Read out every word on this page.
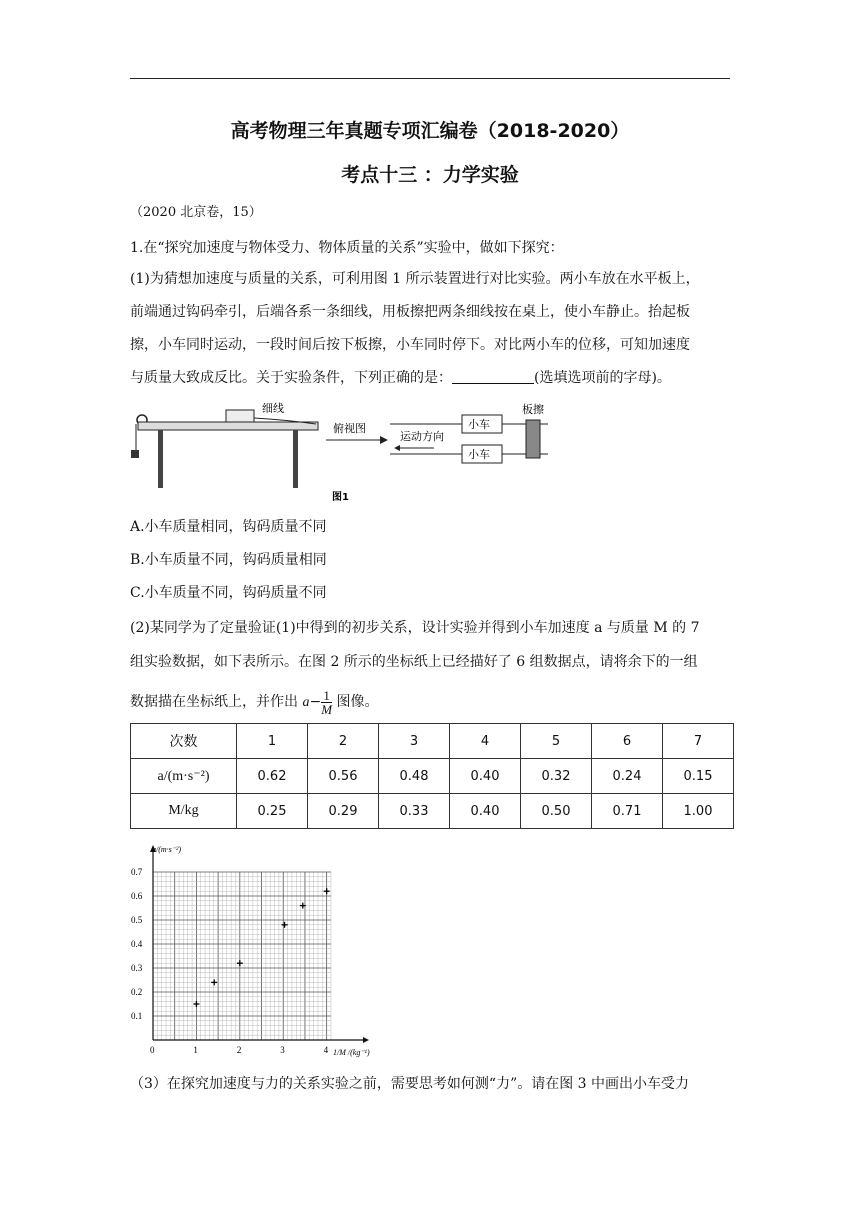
高考物理三年真题专项汇编卷（2018-2020）
考点十三 ：力学实验
（2020 北京卷，15）
1.在“探究加速度与物体受力、物体质量的关系”实验中，做如下探究：
(1)为猜想加速度与质量的关系，可利用图 1 所示装置进行对比实验。两小车放在水平板上，
前端通过钩码牵引，后端各系一条细线，用板擦把两条细线按在桌上，使小车静止。抬起板
擦，小车同时运动，一段时间后按下板擦，小车同时停下。对比两小车的位移，可知加速度
与质量大致成反比。关于实验条件，下列正确的是：	(选填选项前的字母)。
细线
俯视图	小车
小车
运动方向
板擦
图1
A.小车质量相同，钩码质量不同
B.小车质量不同，钩码质量相同
C.小车质量不同，钩码质量不同
(2)某同学为了定量验证(1)中得到的初步关系，设计实验并得到小车加速度 a 与质量 M 的 7
组实验数据，如下表所示。在图 2 所示的坐标纸上已经描好了 6 组数据点，请将余下的一组
数据描在坐标纸上，并作出 $a- \frac{1}{M}$ 图像。
次数	1	2	3	4	5	6	7
a/(m·s⁻²)	0.62	0.56	0.48	0.40	0.32	0.24	0.15
M/kg	0.25	0.29	0.33	0.40	0.50	0.71	1.00
0	1	2	3	4
0.1
0.2
0.3
0.4
0.5
0.6
0.7
a/(m·s⁻²)
1/M /(kg⁻¹)
（3）在探究加速度与力的关系实验之前，需要思考如何测“力”。请在图 3 中画出小车受力
